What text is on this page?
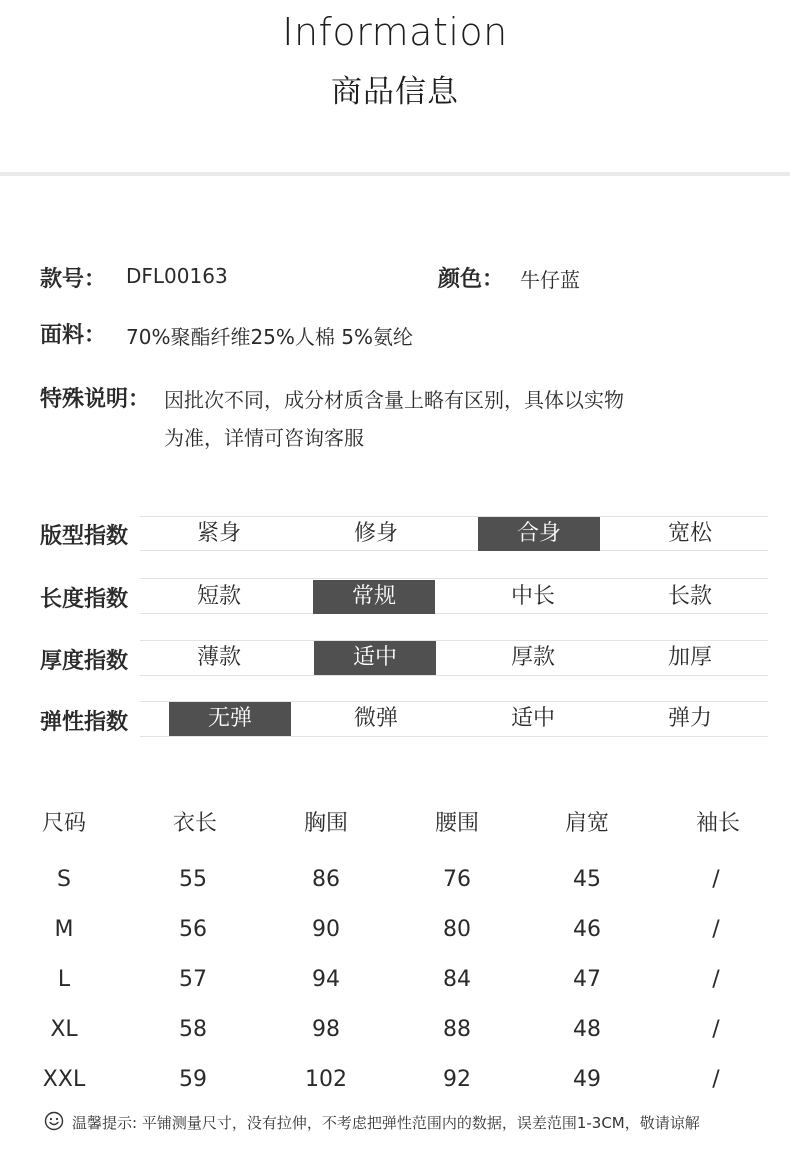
Information
商品信息
款号： DFL00163	颜色： 牛仔蓝
面料： 70%聚酯纤维25%人棉 5%氨纶
特殊说明： 因批次不同，成分材质含量上略有区别，具体以实物
为准，详情可咨询客服
版型指数	紧身	修身	合身	宽松
长度指数	短款	常规	中长	长款
厚度指数	薄款	适中	厚款	加厚
弹性指数	无弹	微弹	适中	弹力
尺码	衣长	胸围	腰围	肩宽	袖长
S	55	86	76	45	/
M	56	90	80	46	/
L	57	94	84	47	/
XL	58	98	88	48	/
XXL	59	102	92	49	/
温馨提示: 平铺测量尺寸，没有拉伸，不考虑把弹性范围内的数据，误差范围1-3CM，敬请谅解
